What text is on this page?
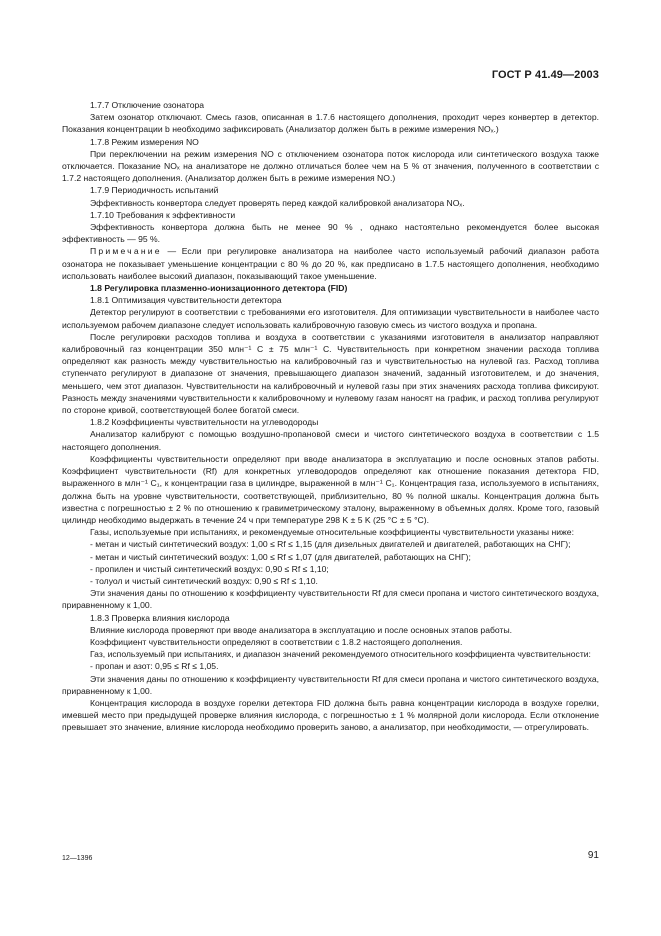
ГОСТ Р 41.49—2003

1.7.7 Отключение озонатора

Затем озонатор отключают. Смесь газов, описанная в 1.7.6 настоящего дополнения, проходит через конвертер в детектор. Показания концентрации b необходимо зафиксировать (Анализатор должен быть в режиме измерения NOₓ.)

1.7.8 Режим измерения NO

При переключении на режим измерения NO с отключением озонатора поток кислорода или синтетического воздуха также отключается. Показание NOₓ на анализаторе не должно отличаться более чем на 5 % от значения, полученного в соответствии с 1.7.2 настоящего дополнения. (Анализатор должен быть в режиме измерения NO.)

1.7.9 Периодичность испытаний

Эффективность конвертора следует проверять перед каждой калибровкой анализатора NOₓ.

1.7.10 Требования к эффективности

Эффективность конвертора должна быть не менее 90 % , однако настоятельно рекомендуется более высокая эффективность — 95 %.

Примечание — Если при регулировке анализатора на наиболее часто используемый рабочий диапазон работа озонатора не показывает уменьшение концентрации с 80 % до 20 %, как предписано в 1.7.5 настоящего дополнения, необходимо использовать наиболее высокий диапазон, показывающий такое уменьшение.

1.8 Регулировка плазменно-ионизационного детектора (FID)

1.8.1 Оптимизация чувствительности детектора

Детектор регулируют в соответствии с требованиями его изготовителя. Для оптимизации чувствительности в наиболее часто используемом рабочем диапазоне следует использовать калибровочную газовую смесь из чистого воздуха и пропана.

После регулировки расходов топлива и воздуха в соответствии с указаниями изготовителя в анализатор направляют калибровочный газ концентрации 350 млн⁻¹ С ± 75 млн⁻¹ С. Чувствительность при конкретном значении расхода топлива определяют как разность между чувствительностью на калибровочный газ и чувствительностью на нулевой газ. Расход топлива ступенчато регулируют в диапазоне от значения, превышающего диапазон значений, заданный изготовителем, и до значения, меньшего, чем этот диапазон. Чувствительности на калибровочный и нулевой газы при этих значениях расхода топлива фиксируют. Разность между значениями чувствительности к калибровочному и нулевому газам наносят на график, и расход топлива регулируют по стороне кривой, соответствующей более богатой смеси.

1.8.2 Коэффициенты чувствительности на углеводороды

Анализатор калибруют с помощью воздушно-пропановой смеси и чистого синтетического воздуха в соответствии с 1.5 настоящего дополнения.

Коэффициенты чувствительности определяют при вводе анализатора в эксплуатацию и после основных этапов работы. Коэффициент чувствительности (Rf) для конкретных углеводородов определяют как отношение показания детектора FID, выраженного в млн⁻¹ C₁, к концентрации газа в цилиндре, выраженной в млн⁻¹ C₁. Концентрация газа, используемого в испытаниях, должна быть на уровне чувствительности, соответствующей, приблизительно, 80 % полной шкалы. Концентрация должна быть известна с погрешностью ± 2 % по отношению к гравиметрическому эталону, выраженному в объемных долях. Кроме того, газовый цилиндр необходимо выдержать в течение 24 ч при температуре 298 K ± 5 K (25 °C ± 5 °C).

Газы, используемые при испытаниях, и рекомендуемые относительные коэффициенты чувствительности указаны ниже:

- метан и чистый синтетический воздух: 1,00 ≤ Rf ≤ 1,15 (для дизельных двигателей и двигателей, работающих на СНГ);

- метан и чистый синтетический воздух: 1,00 ≤ Rf ≤ 1,07 (для двигателей, работающих на СНГ);

- пропилен и чистый синтетический воздух: 0,90 ≤ Rf ≤ 1,10;

- толуол и чистый синтетический воздух: 0,90 ≤ Rf ≤ 1,10.

Эти значения даны по отношению к коэффициенту чувствительности Rf для смеси пропана и чистого синтетического воздуха, приравненному к 1,00.

1.8.3 Проверка влияния кислорода

Влияние кислорода проверяют при вводе анализатора в эксплуатацию и после основных этапов работы.

Коэффициент чувствительности определяют в соответствии с 1.8.2 настоящего дополнения.

Газ, используемый при испытаниях, и диапазон значений рекомендуемого относительного коэффициента чувствительности:

- пропан и азот: 0,95 ≤ Rf ≤ 1,05.

Эти значения даны по отношению к коэффициенту чувствительности Rf для смеси пропана и чистого синтетического воздуха, приравненному к 1,00.

Концентрация кислорода в воздухе горелки детектора FID должна быть равна концентрации кислорода в воздухе горелки, имевшей место при предыдущей проверке влияния кислорода, с погрешностью ± 1 % молярной доли кислорода. Если отклонение превышает это значение, влияние кислорода необходимо проверить заново, а анализатор, при необходимости, — отрегулировать.

12—1396	91
